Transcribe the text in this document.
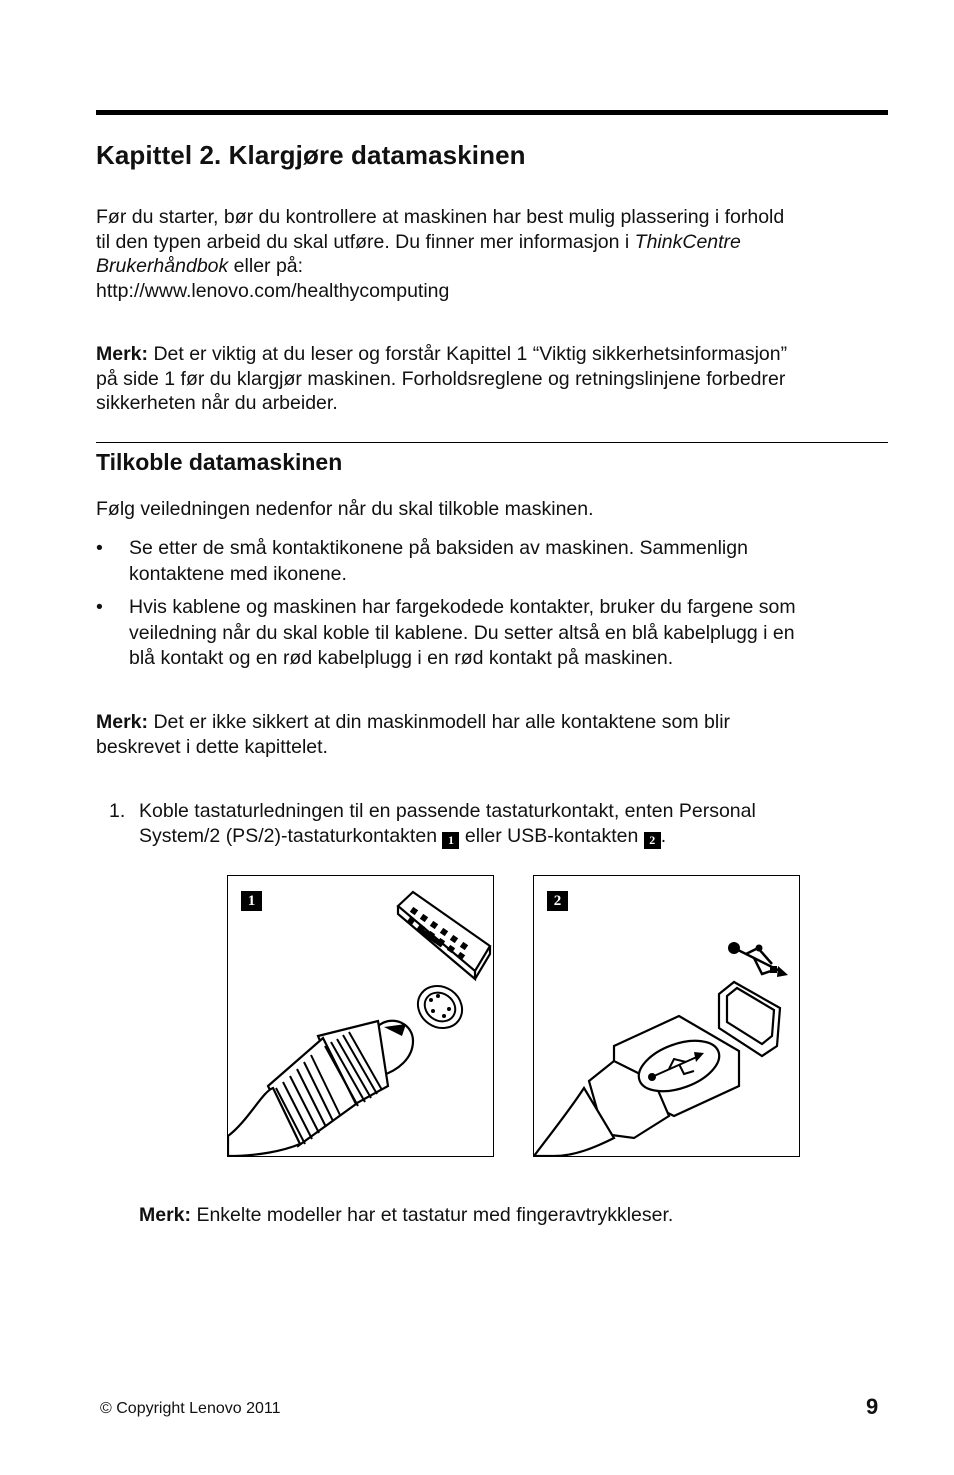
Kapittel 2. Klargjøre datamaskinen
Før du starter, bør du kontrollere at maskinen har best mulig plassering i forhold
til den typen arbeid du skal utføre. Du finner mer informasjon i ThinkCentre
Brukerhåndbok eller på:
http://www.lenovo.com/healthycomputing
Merk: Det er viktig at du leser og forstår Kapittel 1 “Viktig sikkerhetsinformasjon”
på side 1 før du klargjør maskinen. Forholdsreglene og retningslinjene forbedrer
sikkerheten når du arbeider.
Tilkoble datamaskinen
Følg veiledningen nedenfor når du skal tilkoble maskinen.
• Se etter de små kontaktikonene på baksiden av maskinen. Sammenlign
kontaktene med ikonene.
• Hvis kablene og maskinen har fargekodede kontakter, bruker du fargene som
veiledning når du skal koble til kablene. Du setter altså en blå kabelplugg i en
blå kontakt og en rød kabelplugg i en rød kontakt på maskinen.
Merk: Det er ikke sikkert at din maskinmodell har alle kontaktene som blir
beskrevet i dette kapittelet.
1. Koble tastaturledningen til en passende tastaturkontakt, enten Personal
System/2 (PS/2)-tastaturkontakten 1 eller USB-kontakten 2 .
1	2
Merk: Enkelte modeller har et tastatur med fingeravtrykkleser.
© Copyright Lenovo 2011	9
